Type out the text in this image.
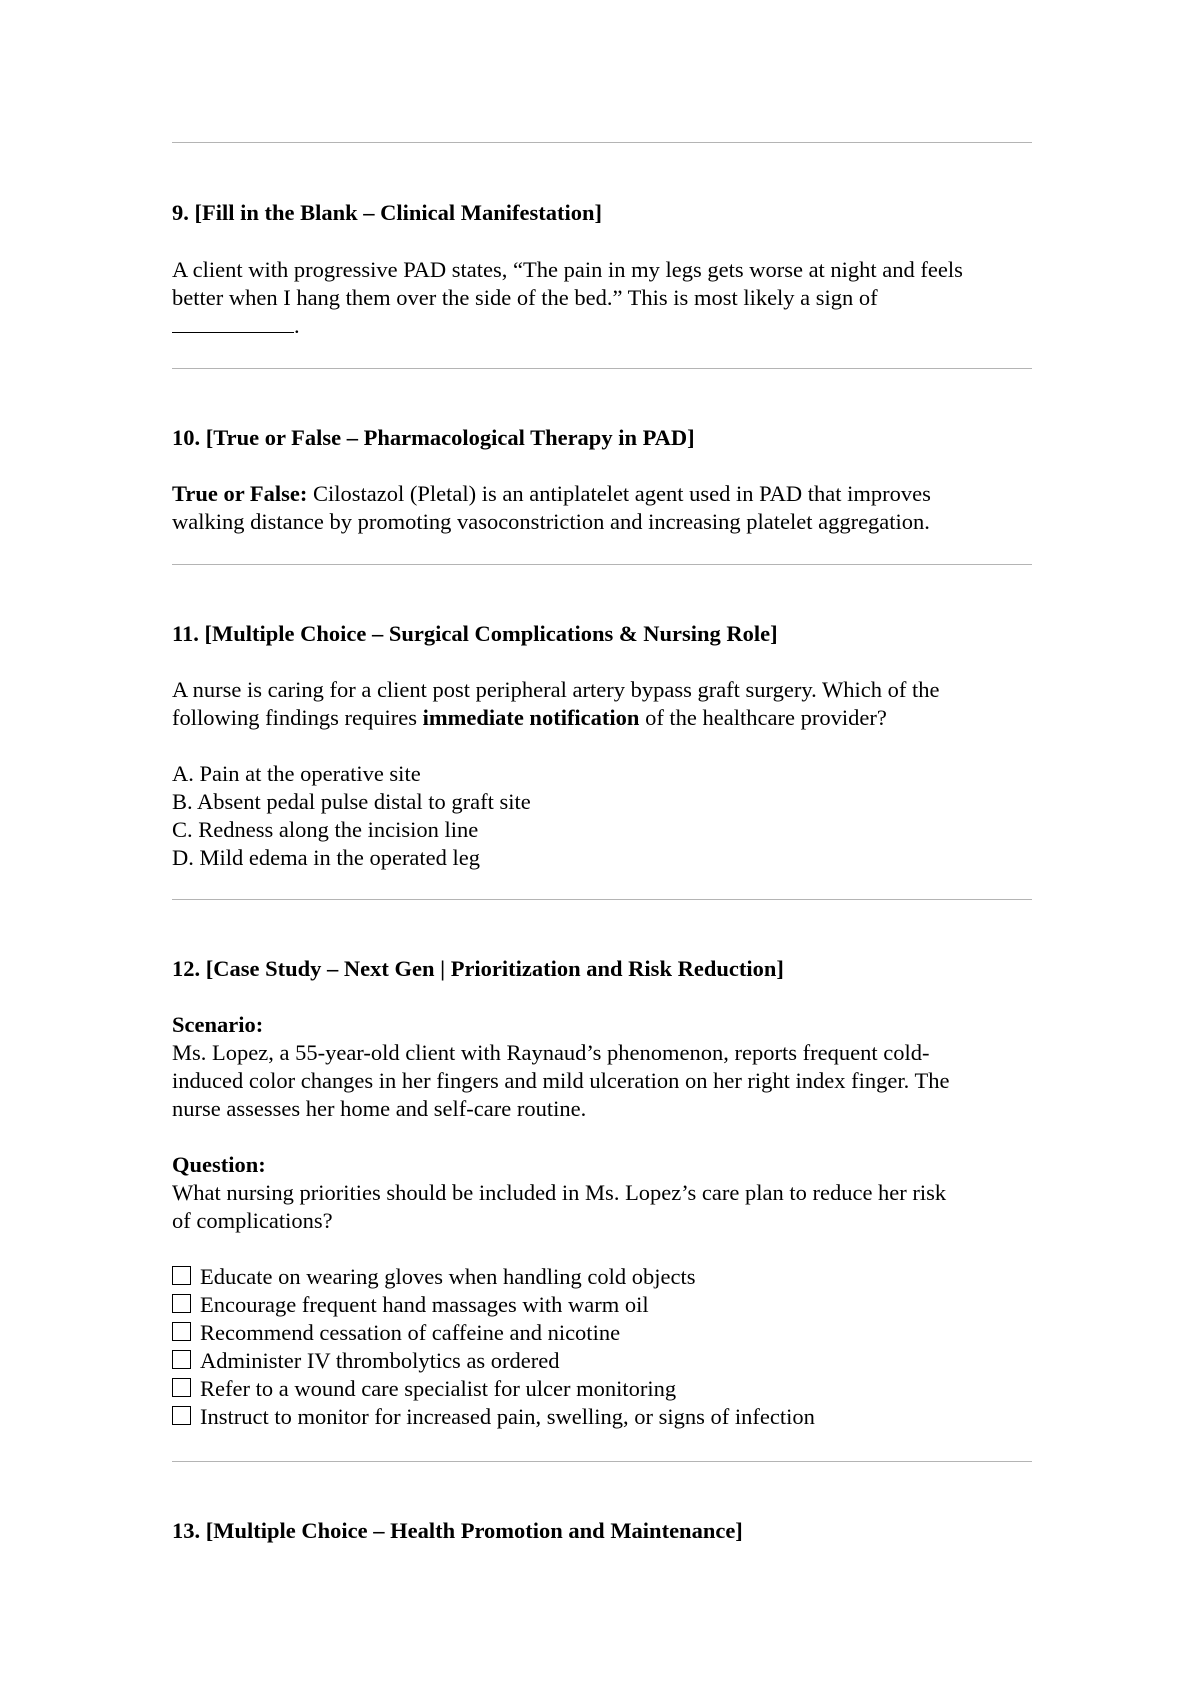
9. [Fill in the Blank – Clinical Manifestation]
A client with progressive PAD states, “The pain in my legs gets worse at night and feels
better when I hang them over the side of the bed.” This is most likely a sign of
.
10. [True or False – Pharmacological Therapy in PAD]
True or False: Cilostazol (Pletal) is an antiplatelet agent used in PAD that improves
walking distance by promoting vasoconstriction and increasing platelet aggregation.
11. [Multiple Choice – Surgical Complications & Nursing Role]
A nurse is caring for a client post peripheral artery bypass graft surgery. Which of the
following findings requires immediate notification of the healthcare provider?
A. Pain at the operative site
B. Absent pedal pulse distal to graft site
C. Redness along the incision line
D. Mild edema in the operated leg
12. [Case Study – Next Gen | Prioritization and Risk Reduction]
Scenario:
Ms. Lopez, a 55-year-old client with Raynaud’s phenomenon, reports frequent cold-
induced color changes in her fingers and mild ulceration on her right index finger. The
nurse assesses her home and self-care routine.
Question:
What nursing priorities should be included in Ms. Lopez’s care plan to reduce her risk
of complications?
Educate on wearing gloves when handling cold objects
Encourage frequent hand massages with warm oil
Recommend cessation of caffeine and nicotine
Administer IV thrombolytics as ordered
Refer to a wound care specialist for ulcer monitoring
Instruct to monitor for increased pain, swelling, or signs of infection
13. [Multiple Choice – Health Promotion and Maintenance]
